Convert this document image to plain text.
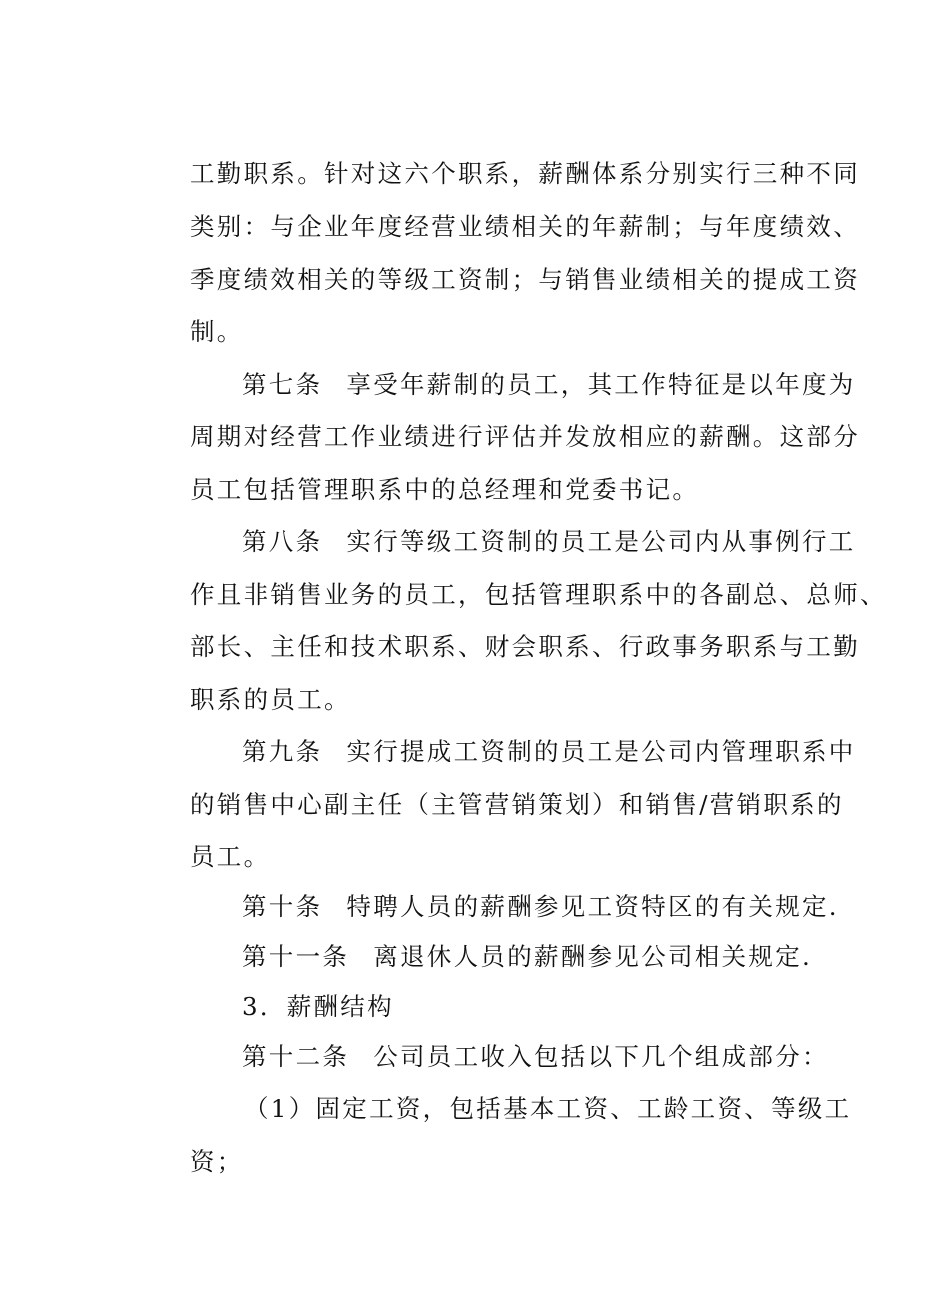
工勤职系。针对这六个职系，薪酬体系分别实行三种不同
类别：与企业年度经营业绩相关的年薪制；与年度绩效、
季度绩效相关的等级工资制；与销售业绩相关的提成工资
制。
第七条 享受年薪制的员工，其工作特征是以年度为
周期对经营工作业绩进行评估并发放相应的薪酬。这部分
员工包括管理职系中的总经理和党委书记。
第八条 实行等级工资制的员工是公司内从事例行工
作且非销售业务的员工，包括管理职系中的各副总、总师、
部长、主任和技术职系、财会职系、行政事务职系与工勤
职系的员工。
第九条 实行提成工资制的员工是公司内管理职系中
的销售中心副主任（主管营销策划）和销售/营销职系的
员工。
第十条 特聘人员的薪酬参见工资特区的有关规定.
第十一条 离退休人员的薪酬参见公司相关规定.
3．薪酬结构
第十二条 公司员工收入包括以下几个组成部分：
（1）固定工资，包括基本工资、工龄工资、等级工
资；
